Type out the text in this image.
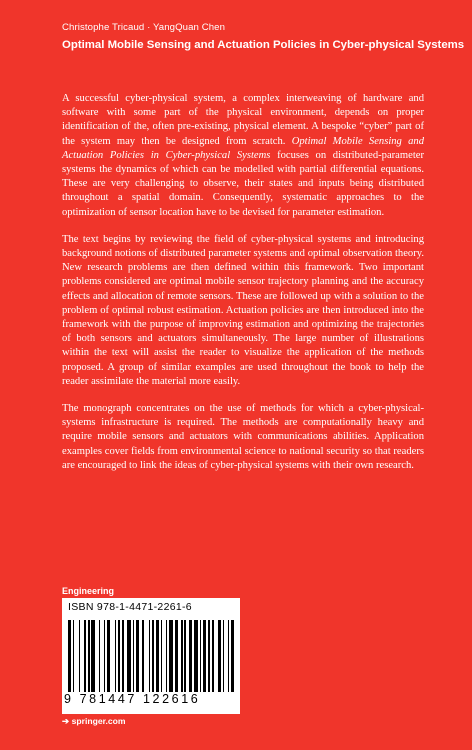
Christophe Tricaud · YangQuan Chen
Optimal Mobile Sensing and Actuation Policies in Cyber-physical Systems

A successful cyber-physical system, a complex interweaving of hardware and software with some part of the physical environment, depends on proper identification of the, often pre-existing, physical element. A bespoke “cyber” part of the system may then be designed from scratch. Optimal Mobile Sensing and Actuation Policies in Cyber-physical Systems focuses on distributed-parameter systems the dynamics of which can be modelled with partial differential equations. These are very challenging to observe, their states and inputs being distributed throughout a spatial domain. Consequently, systematic approaches to the optimization of sensor location have to be devised for parameter estimation.

The text begins by reviewing the field of cyber-physical systems and introducing background notions of distributed parameter systems and optimal observation theory. New research problems are then defined within this framework. Two important problems considered are optimal mobile sensor trajectory planning and the accuracy effects and allocation of remote sensors. These are followed up with a solution to the problem of optimal robust estimation. Actuation policies are then introduced into the framework with the purpose of improving estimation and optimizing the trajectories of both sensors and actuators simultaneously. The large number of illustrations within the text will assist the reader to visualize the application of the methods proposed. A group of similar examples are used throughout the book to help the reader assimilate the material more easily.

The monograph concentrates on the use of methods for which a cyber-physical-systems infrastructure is required. The methods are computationally heavy and require mobile sensors and actuators with communications abilities. Application examples cover fields from environmental science to national security so that readers are encouraged to link the ideas of cyber-physical systems with their own research.

Engineering
ISBN 978-1-4471-2261-6
9 781447 122616
➔ springer.com
